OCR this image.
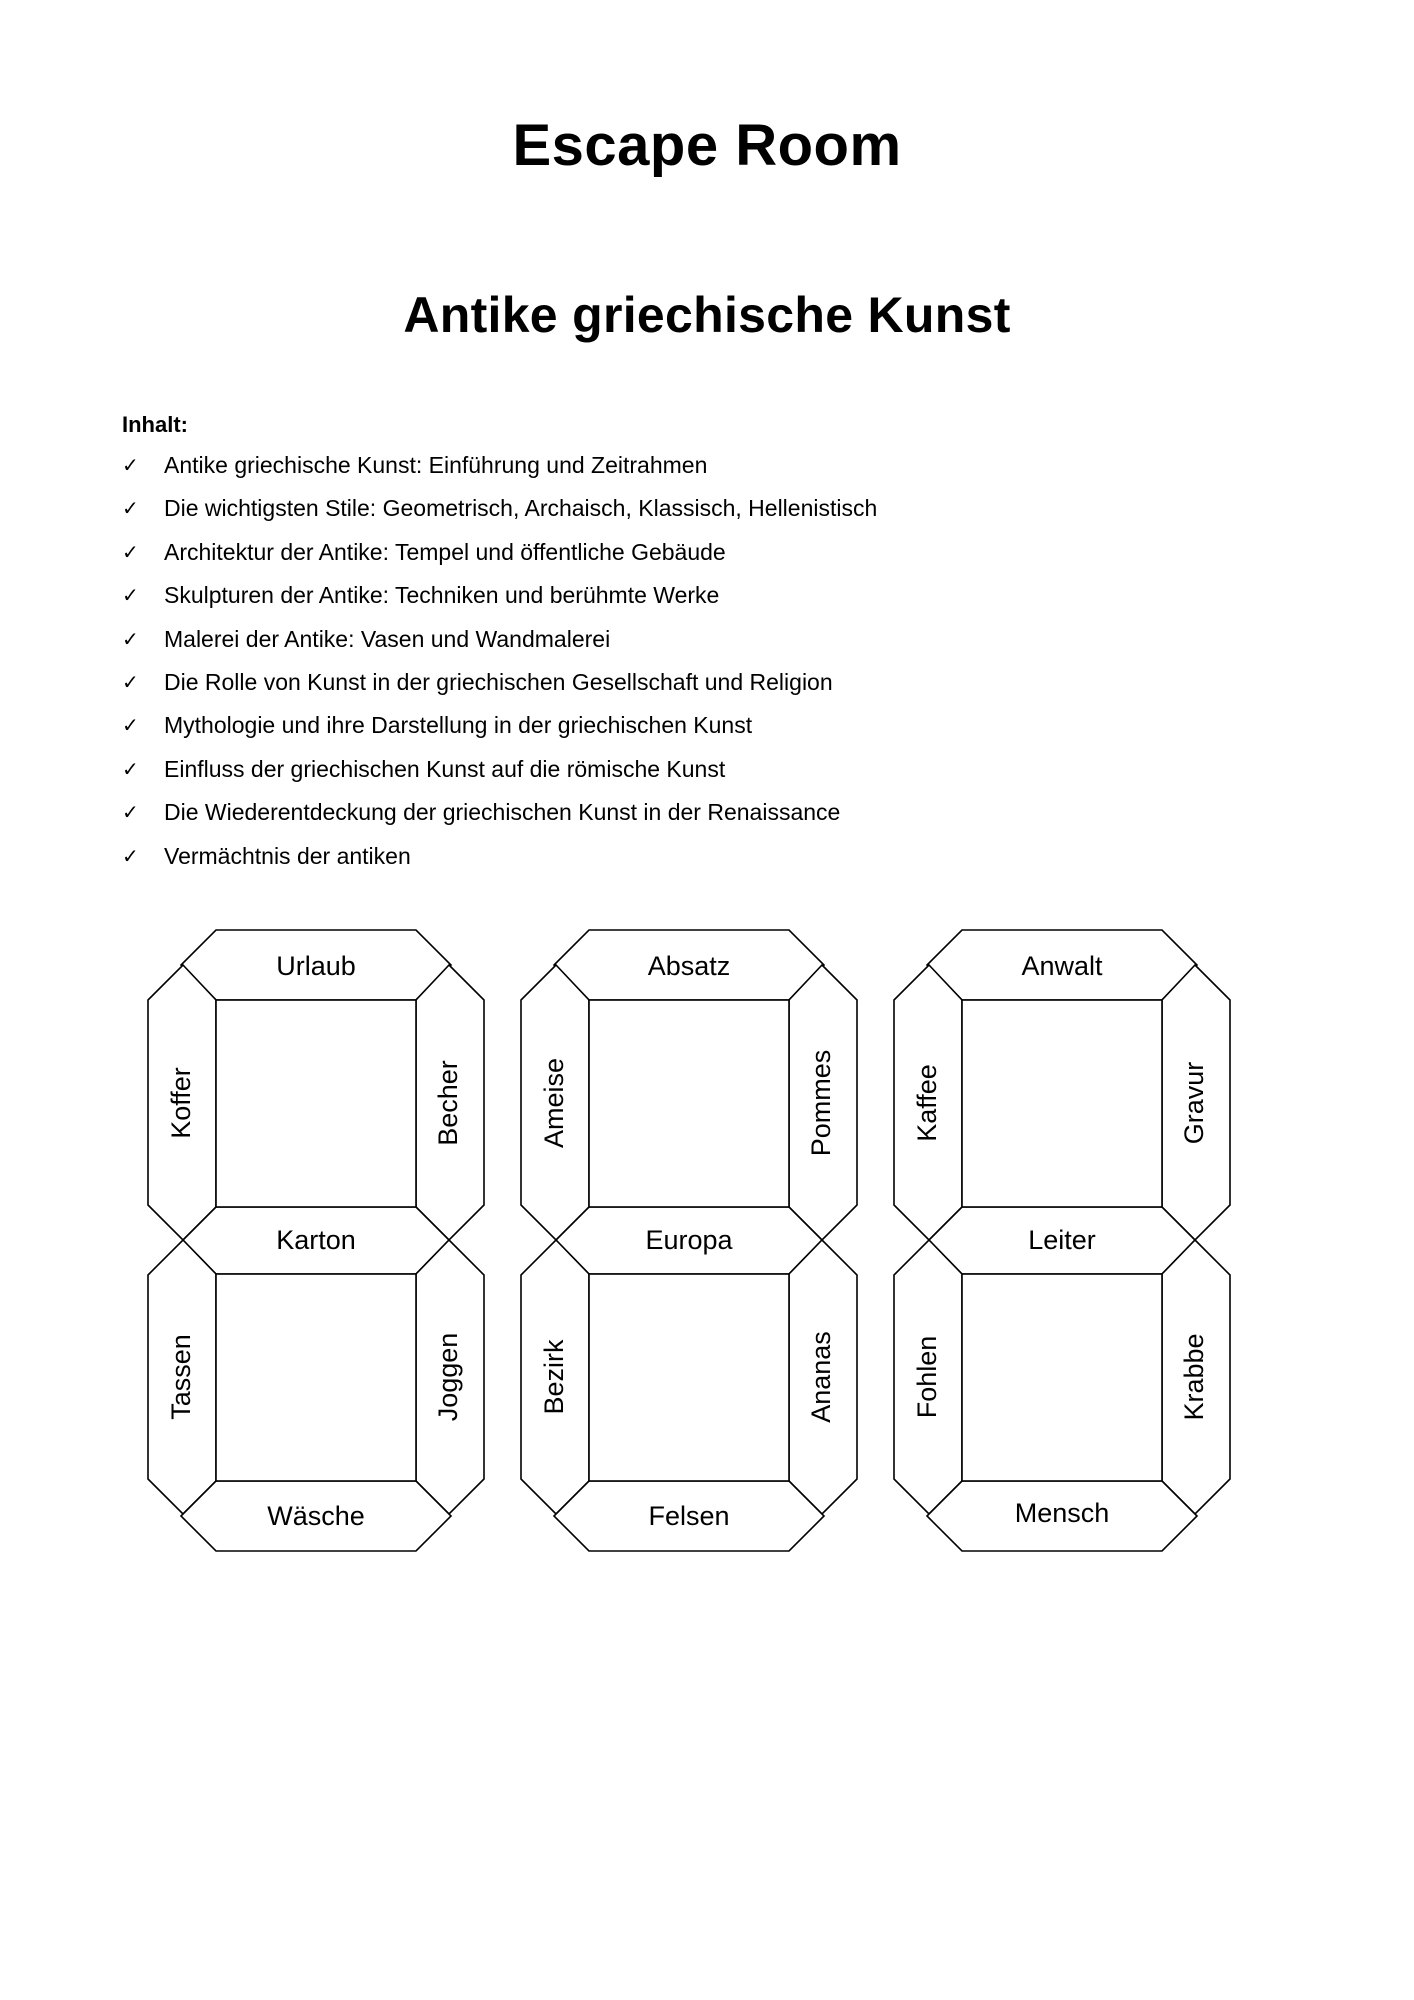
Escape Room
Antike griechische Kunst
Inhalt:
✓ Antike griechische Kunst: Einführung und Zeitrahmen
✓ Die wichtigsten Stile: Geometrisch, Archaisch, Klassisch, Hellenistisch
✓ Architektur der Antike: Tempel und öffentliche Gebäude
✓ Skulpturen der Antike: Techniken und berühmte Werke
✓ Malerei der Antike: Vasen und Wandmalerei
✓ Die Rolle von Kunst in der griechischen Gesellschaft und Religion
✓ Mythologie und ihre Darstellung in der griechischen Kunst
✓ Einfluss der griechischen Kunst auf die römische Kunst
✓ Die Wiederentdeckung der griechischen Kunst in der Renaissance
✓ Vermächtnis der antiken
Urlaub
Koffer	Becher
Karton
Tassen	Joggen
Wäsche
Absatz
Ameise	Pommes
Europa
Bezirk	Ananas
Felsen
Anwalt
Kaffee	Gravur
Leiter
Fohlen	Krabbe
Mensch
